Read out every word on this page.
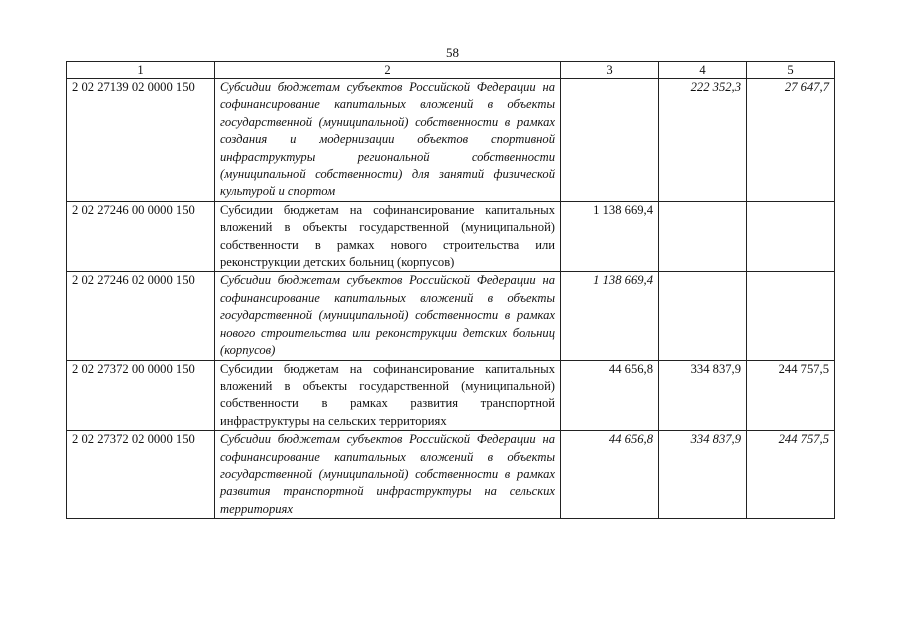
58
1	2	3	4	5
2 02 27139 02 0000 150	Субсидии бюджетам субъектов Российской Федерации на софинансирование капитальных вложений в объекты государственной (муниципальной) собственности в рамках создания и модернизации объектов спортивной инфраструктуры региональной собственности (муниципальной собственности) для занятий физической культурой и спортом		222 352,3	27 647,7
2 02 27246 00 0000 150	Субсидии бюджетам на софинансирование капитальных вложений в объекты государственной (муниципальной) собственности в рамках нового строительства или реконструкции детских больниц (корпусов)	1 138 669,4		
2 02 27246 02 0000 150	Субсидии бюджетам субъектов Российской Федерации на софинансирование капитальных вложений в объекты государственной (муниципальной) собственности в рамках нового строительства или реконструкции детских больниц (корпусов)	1 138 669,4		
2 02 27372 00 0000 150	Субсидии бюджетам на софинансирование капитальных вложений в объекты государственной (муниципальной) собственности в рамках развития транспортной инфраструктуры на сельских территориях	44 656,8	334 837,9	244 757,5
2 02 27372 02 0000 150	Субсидии бюджетам субъектов Российской Федерации на софинансирование капитальных вложений в объекты государственной (муниципальной) собственности в рамках развития транспортной инфраструктуры на сельских территориях	44 656,8	334 837,9	244 757,5
